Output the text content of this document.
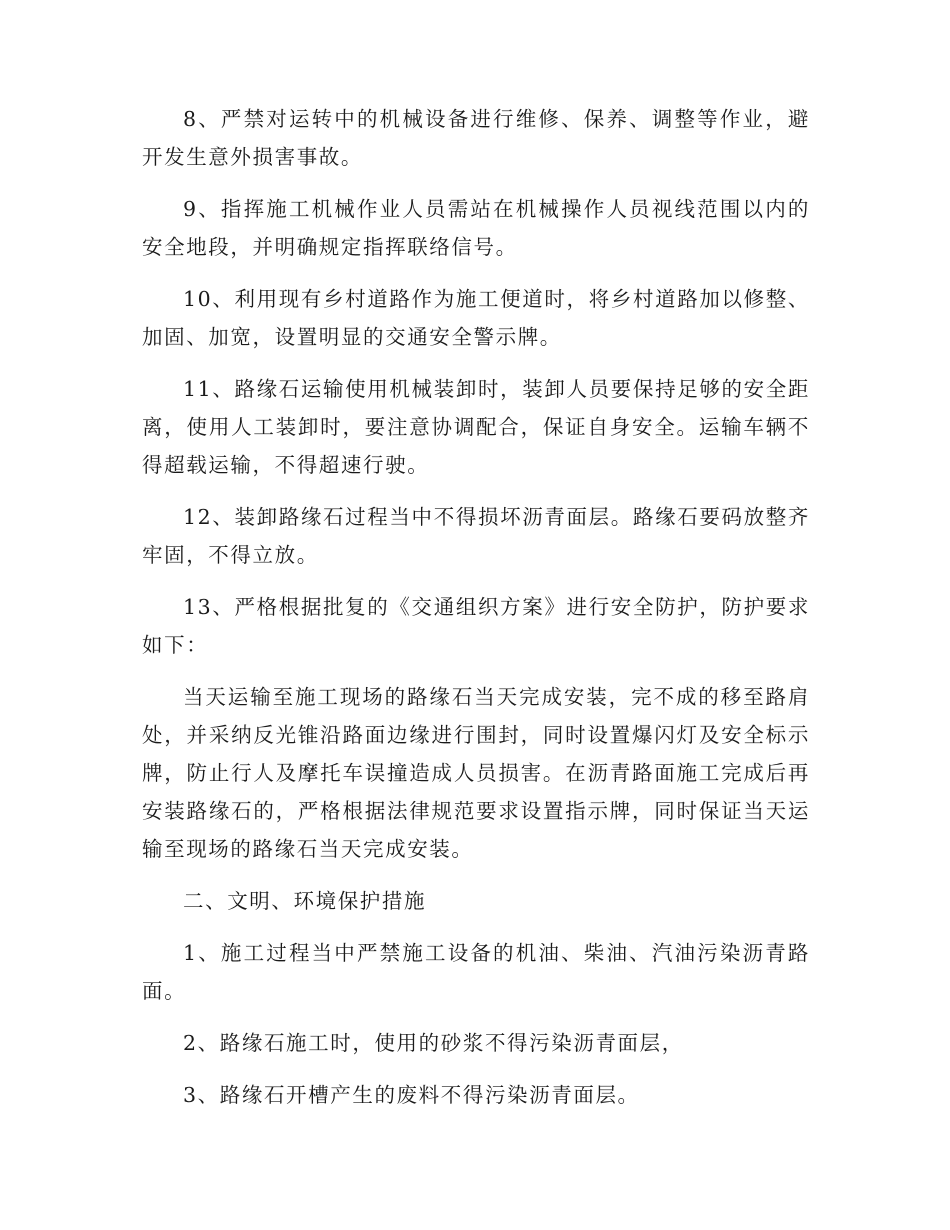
8、严禁对运转中的机械设备进行维修、保养、调整等作业，避开发生意外损害事故。

9、指挥施工机械作业人员需站在机械操作人员视线范围以内的安全地段，并明确规定指挥联络信号。

10、利用现有乡村道路作为施工便道时，将乡村道路加以修整、加固、加宽，设置明显的交通安全警示牌。

11、路缘石运输使用机械装卸时，装卸人员要保持足够的安全距离，使用人工装卸时，要注意协调配合，保证自身安全。运输车辆不得超载运输，不得超速行驶。

12、装卸路缘石过程当中不得损坏沥青面层。路缘石要码放整齐牢固，不得立放。

13、严格根据批复的《交通组织方案》进行安全防护，防护要求如下：

当天运输至施工现场的路缘石当天完成安装，完不成的移至路肩处，并采纳反光锥沿路面边缘进行围封，同时设置爆闪灯及安全标示牌，防止行人及摩托车误撞造成人员损害。在沥青路面施工完成后再安装路缘石的，严格根据法律规范要求设置指示牌，同时保证当天运输至现场的路缘石当天完成安装。

二、文明、环境保护措施

1、施工过程当中严禁施工设备的机油、柴油、汽油污染沥青路面。

2、路缘石施工时，使用的砂浆不得污染沥青面层，

3、路缘石开槽产生的废料不得污染沥青面层。
